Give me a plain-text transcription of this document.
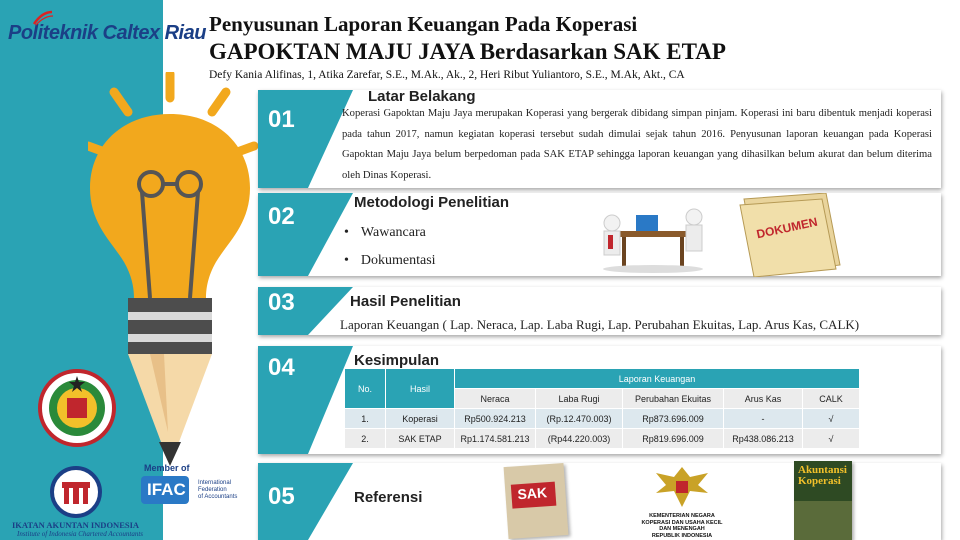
Politeknik Caltex Riau
IKATAN AKUNTAN INDONESIA
Institute of Indonesia Chartered Accountants
Member of
IFAC International
Federation
of Accountants
Penyusunan Laporan Keuangan Pada Koperasi
GAPOKTAN MAJU JAYA Berdasarkan SAK ETAP
Defy Kania Alifinas, 1, Atika Zarefar, S.E., M.Ak., Ak., 2, Heri Ribut Yuliantoro, S.E., M.Ak, Akt., CA
01
Latar Belakang
Koperasi Gapoktan Maju Jaya merupakan Koperasi yang bergerak dibidang simpan pinjam. Koperasi ini baru dibentuk menjadi koperasi pada tahun 2017, namun kegiatan koperasi tersebut sudah dimulai sejak tahun 2016. Penyusunan laporan keuangan pada Koperasi Gapoktan Maju Jaya belum berpedoman pada SAK ETAP sehingga laporan keuangan yang dihasilkan belum akurat dan belum diterima oleh Dinas Koperasi.
02
Metodologi Penelitian
• Wawancara
• Dokumentasi
DOKUMEN
03	Hasil Penelitian
Laporan Keuangan ( Lap. Neraca, Lap. Laba Rugi, Lap. Perubahan Ekuitas, Lap. Arus Kas, CALK)
04	Kesimpulan
No.	Hasil	Laporan Keuangan				
		Neraca	Laba Rugi	Perubahan Ekuitas	Arus Kas	CALK
1.	Koperasi	Rp500.924.213	(Rp.12.470.003)	Rp873.696.009	-	√
2.	SAK ETAP	Rp1.174.581.213	(Rp44.220.003)	Rp819.696.009	Rp438.086.213	√
05	Referensi	SAK
KEMENTERIAN NEGARA
KOPERASI DAN USAHA KECIL
DAN MENENGAH
REPUBLIK INDONESIA
Akuntansi
Koperasi
